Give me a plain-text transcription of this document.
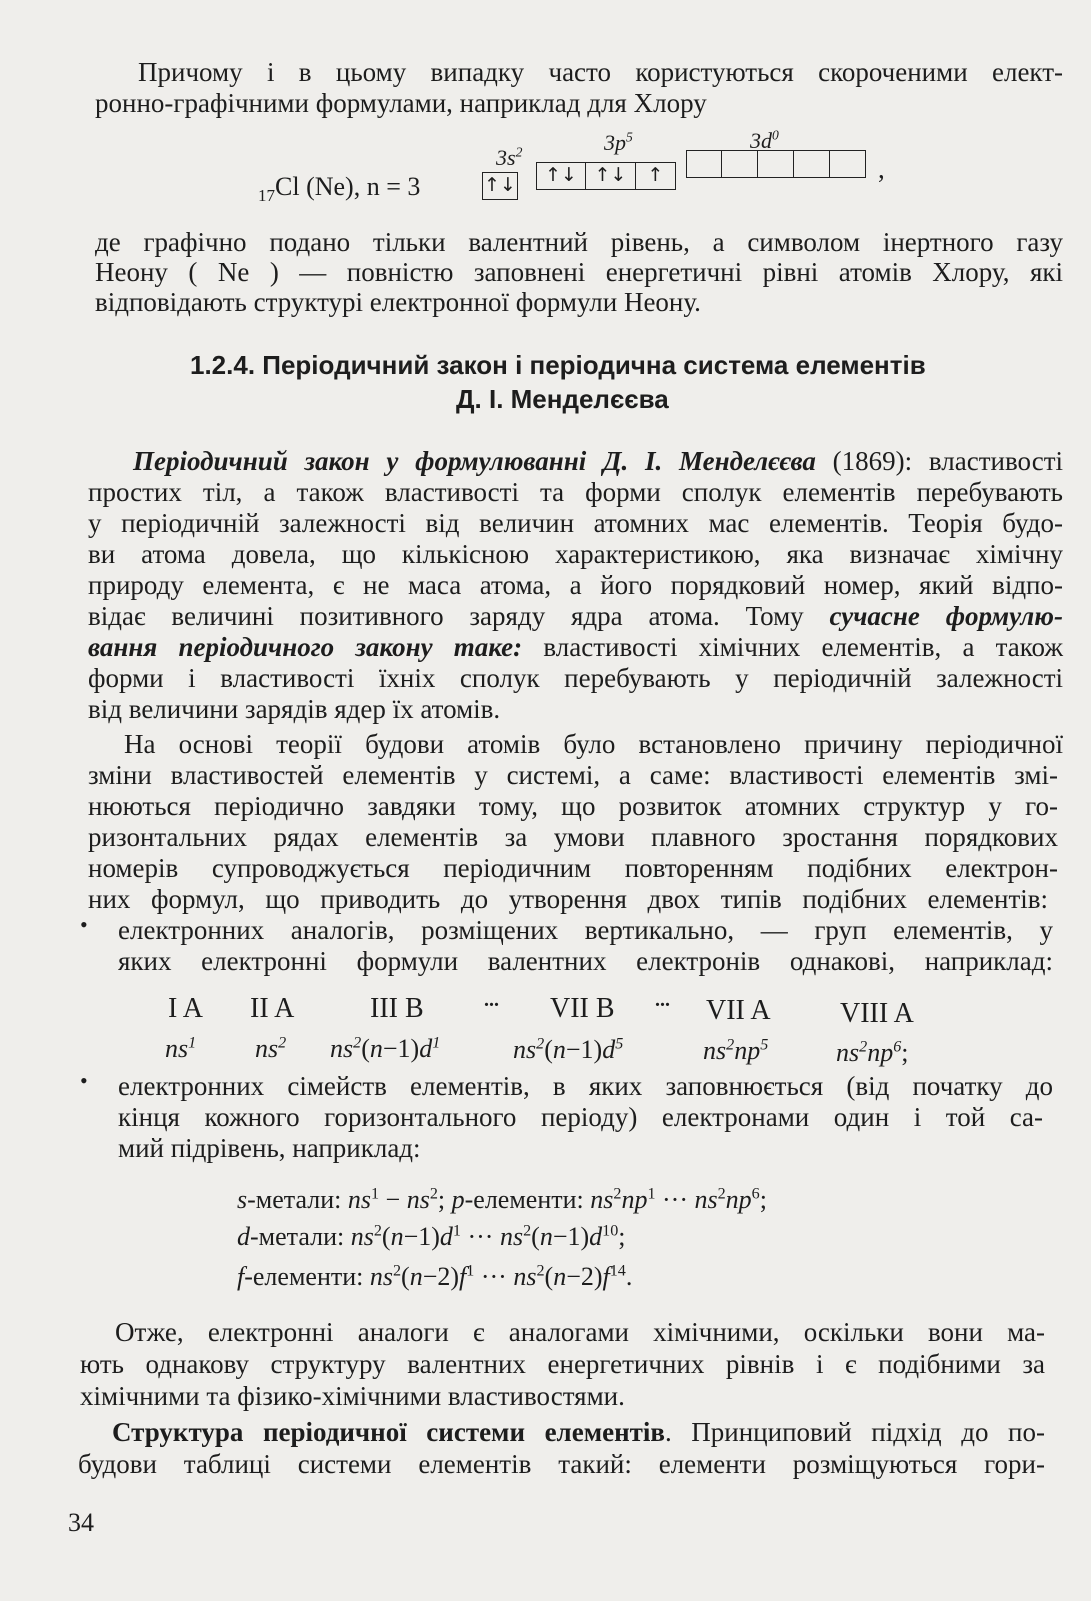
Причому і в цьому випадку часто користуються скороченими елект-
ронно-графічними формулами, наприклад для Хлору
$_{17}$Cl (Ne), n = 3
$3s^2$	$3p^5$	$3d^0$
↑↓	↑↓ ↑↓	↑	,
де графічно подано тільки валентний рівень, а символом інертного газу
Неону ( Ne ) — повністю заповнені енергетичні рівні атомів Хлору, які
відповідають структурі електронної формули Неону.
1.2.4. Періодичний закон і періодична система елементів
Д. І. Менделєєва
Періодичний закон у формулюванні Д. І. Менделєєва (1869): властивості
простих тіл, а також властивості та форми сполук елементів перебувають
у періодичній залежності від величин атомних мас елементів. Теорія будо-
ви атома довела, що кількісною характеристикою, яка визначає хімічну
природу елемента, є не маса атома, а його порядковий номер, який відпо-
відає величині позитивного заряду ядра атома. Тому сучасне формулю-
вання періодичного закону таке: властивості хімічних елементів, а також
форми і властивості їхніх сполук перебувають у періодичній залежності
від величини зарядів ядер їх атомів.
На основі теорії будови атомів було встановлено причину періодичної
зміни властивостей елементів у системі, а саме: властивості елементів змі-
нюються періодично завдяки тому, що розвиток атомних структур у го-
ризонтальних рядах елементів за умови плавного зростання порядкових
номерів супроводжується періодичним повторенням подібних електрон-
них формул, що приводить до утворення двох типів подібних елементів:
• електронних аналогів, розміщених вертикально, — груп елементів, у
яких електронні формули валентних електронів однакові, наприклад:
I A II A	III B	... VII B ... VII A VIII A
$ns^1$ $ns^2$ $ns^2(n-1)d^1$	$ns^2(n-1)d^5$	$ns^2np^5$	$ns^2np^6$;
• електронних сімейств елементів, в яких заповнюється (від початку до
кінця кожного горизонтального періоду) електронами один і той са-
мий підрівень, наприклад:
s-метали: $ns^1 - ns^2$; p-елементи: $ns^2np^1$ ··· $ns^2np^6$;
d-метали: $ns^2(n-1)d^1$ ··· $ns^2(n-1)d^{10}$;
f-елементи: $ns^2(n-2)f^1$ ··· $ns^2(n-2)f^{14}$.
Отже, електронні аналоги є аналогами хімічними, оскільки вони ма-
ють однакову структуру валентних енергетичних рівнів і є подібними за
хімічними та фізико-хімічними властивостями.
Структура періодичної системи елементів. Принциповий підхід до по-
будови таблиці системи елементів такий: елементи розміщуються гори-
34
